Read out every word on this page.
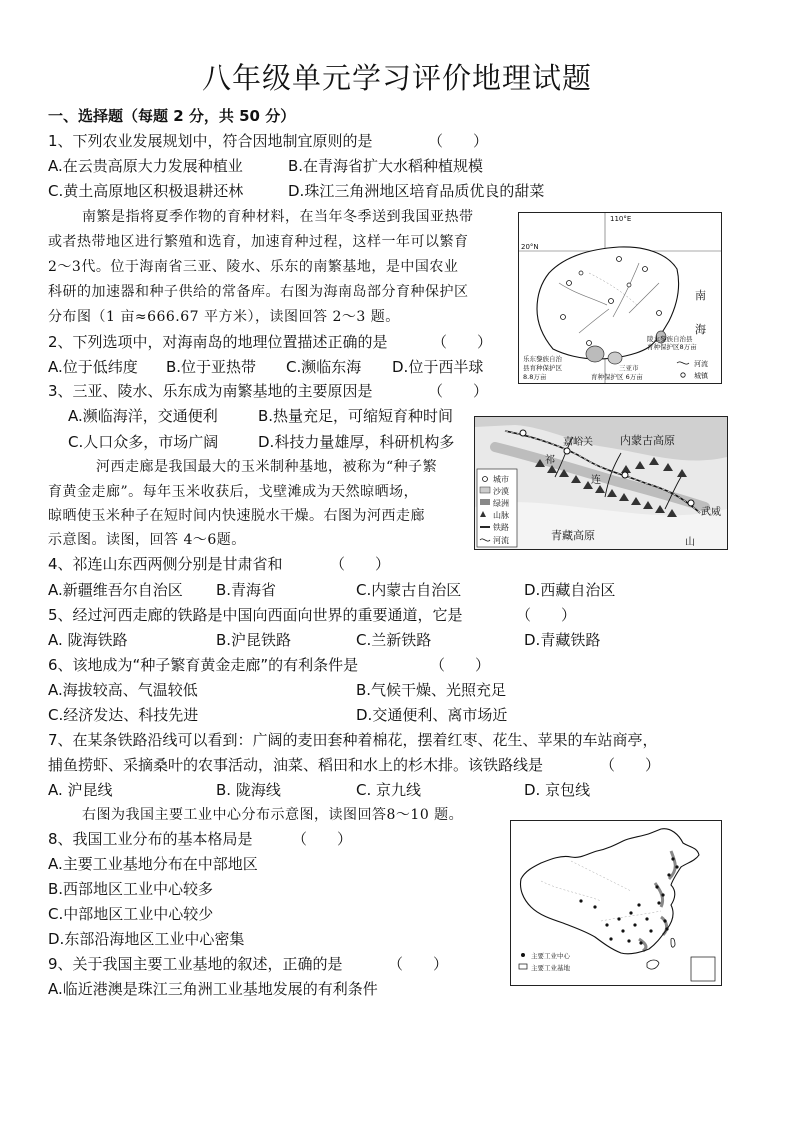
八年级单元学习评价地理试题
一、选择题（每题 2 分，共 50 分）
1、下列农业发展规划中，符合因地制宜原则的是	（　　）
A.在云贵高原大力发展种植业	B.在青海省扩大水稻种植规模
C.黄土高原地区积极退耕还林	D.珠江三角洲地区培育品质优良的甜菜
南繁是指将夏季作物的育种材料，在当年冬季送到我国亚热带
或者热带地区进行繁殖和选育，加速育种过程，这样一年可以繁育
2～3代。位于海南省三亚、陵水、乐东的南繁基地，是中国农业
科研的加速器和种子供给的常备库。右图为海南岛部分育种保护区
分布图（1 亩≈666.67 平方米），读图回答 2～3 题。
110°E
20°N
南
海
陵水黎族自治县
育种保护区8万亩
乐东黎族自治
县育种保护区
8.8万亩
三亚市
育种保护区 6万亩
河流
城镇
2、下列选项中，对海南岛的地理位置描述正确的是	（　　）
A.位于低纬度 B.位于亚热带 C.濒临东海 D.位于西半球
3、三亚、陵水、乐东成为南繁基地的主要原因是	（　　）
A.濒临海洋，交通便利	B.热量充足，可缩短育种时间
C.人口众多，市场广阔	D.科技力量雄厚，科研机构多
城市
沙漠
绿洲
山脉
铁路
河流
内蒙古高原
青藏高原
嘉峪关
武威
祁
连
山
河西走廊是我国最大的玉米制种基地，被称为“种子繁
育黄金走廊”。每年玉米收获后，戈壁滩成为天然晾晒场，
晾晒使玉米种子在短时间内快速脱水干燥。右图为河西走廊
示意图。读图，回答 4～6题。
4、祁连山东西两侧分别是甘肃省和	（　　）
A.新疆维吾尔自治区 B.青海省	C.内蒙古自治区	D.西藏自治区
5、经过河西走廊的铁路是中国向西面向世界的重要通道，它是	（　　）
A. 陇海铁路	B.沪昆铁路	C.兰新铁路	D.青藏铁路
6、该地成为“种子繁育黄金走廊”的有利条件是	（　　）
A.海拔较高、气温较低	B.气候干燥、光照充足
C.经济发达、科技先进	D.交通便利、离市场近
7、在某条铁路沿线可以看到：广阔的麦田套种着棉花，摆着红枣、花生、苹果的车站商亭，
捕鱼捞虾、采摘桑叶的农事活动，油菜、稻田和水上的杉木排。该铁路线是	（　　）
A. 沪昆线	B. 陇海线	C. 京九线	D. 京包线
右图为我国主要工业中心分布示意图，读图回答8～10 题。
主要工业中心
主要工业基地
8、我国工业分布的基本格局是	（　　）
A.主要工业基地分布在中部地区
B.西部地区工业中心较多
C.中部地区工业中心较少
D.东部沿海地区工业中心密集
9、关于我国主要工业基地的叙述，正确的是	（　　）
A.临近港澳是珠江三角洲工业基地发展的有利条件
